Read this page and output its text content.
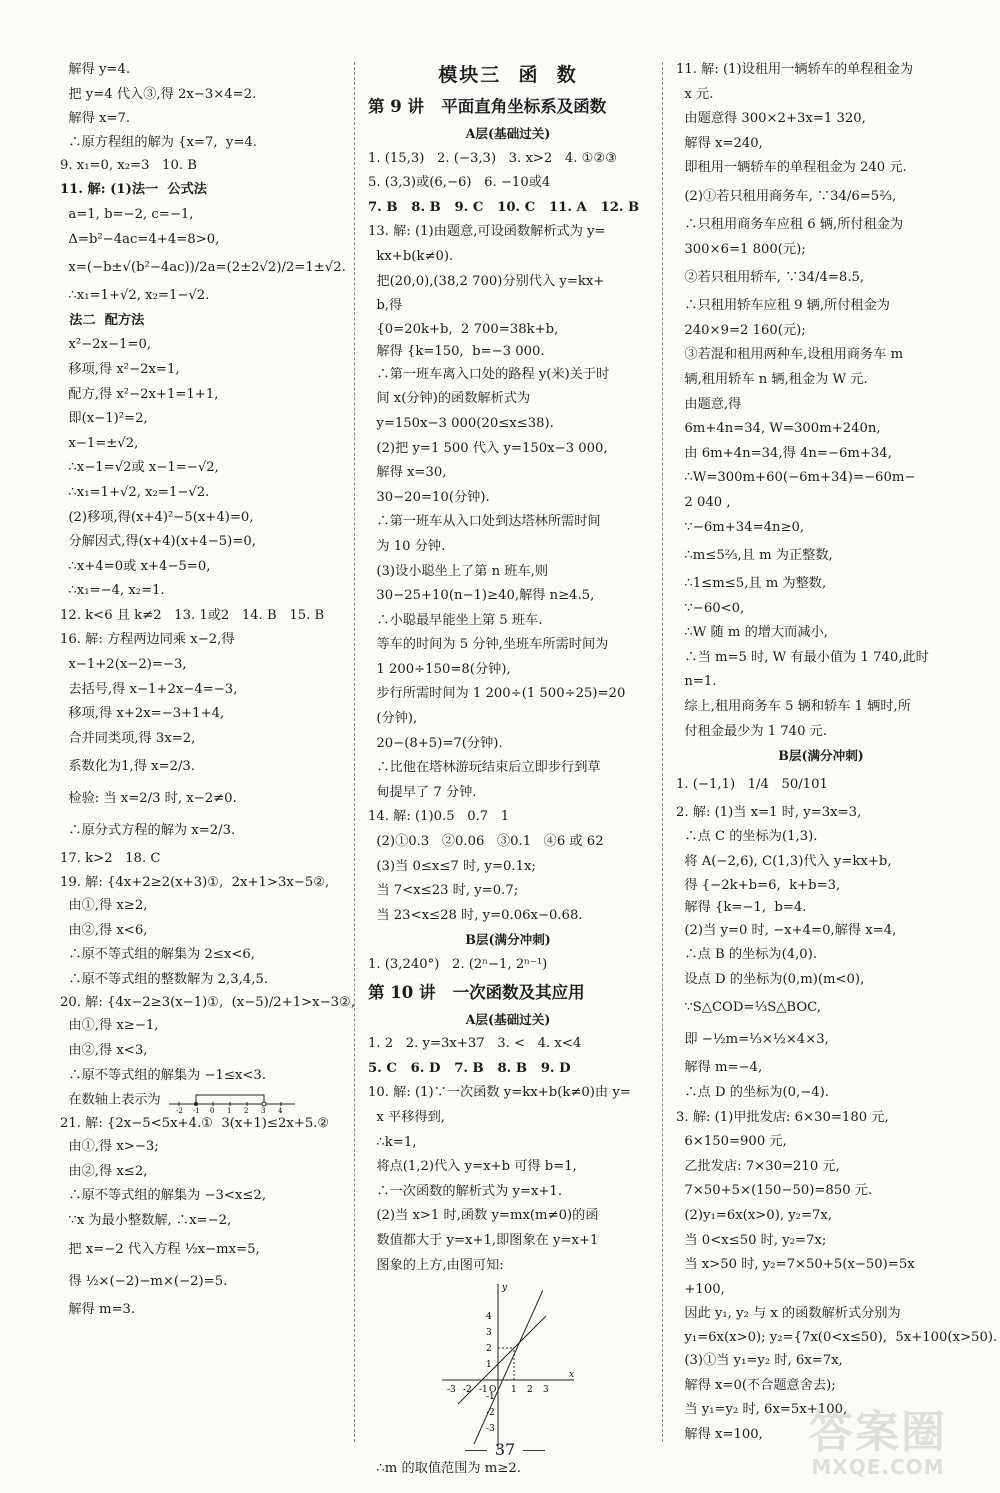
解得 y=4.
把 y=4 代入③,得 2x−3×4=2.
解得 x=7.
∴原方程组的解为 {x=7,  y=4.
9. x₁=0, x₂=3   10. B
11. 解: (1)法一  公式法
a=1, b=−2, c=−1,
Δ=b²−4ac=4+4=8>0,
x=(−b±√(b²−4ac))/2a=(2±2√2)/2=1±√2.
∴x₁=1+√2, x₂=1−√2.
法二  配方法
x²−2x−1=0,
移项,得 x²−2x=1,
配方,得 x²−2x+1=1+1,
即(x−1)²=2,
x−1=±√2,
∴x−1=√2或 x−1=−√2,
∴x₁=1+√2, x₂=1−√2.
(2)移项,得(x+4)²−5(x+4)=0,
分解因式,得(x+4)(x+4−5)=0,
∴x+4=0或 x+4−5=0,
∴x₁=−4, x₂=1.
12. k<6 且 k≠2   13. 1或2   14. B   15. B
16. 解: 方程两边同乘 x−2,得
x−1+2(x−2)=−3,
去括号,得 x−1+2x−4=−3,
移项,得 x+2x=−3+1+4,
合并同类项,得 3x=2,
系数化为1,得 x=2/3.
检验: 当 x=2/3 时, x−2≠0.
∴原分式方程的解为 x=2/3.
17. k>2   18. C
19. 解: {4x+2≥2(x+3)①,  2x+1>3x−5②,
由①,得 x≥2,
由②,得 x<6,
∴原不等式组的解集为 2≤x<6,
∴原不等式组的整数解为 2,3,4,5.
20. 解: {4x−2≥3(x−1)①,  (x−5)/2+1>x−3②,
由①,得 x≥−1,
由②,得 x<3,
∴原不等式组的解集为 −1≤x<3.
在数轴上表示为
-2 -1 0 1 2 3 4
21. 解: {2x−5<5x+4.①  3(x+1)≤2x+5.②
由①,得 x>−3;
由②,得 x≤2,
∴原不等式组的解集为 −3<x≤2,
∵x 为最小整数解, ∴x=−2,
把 x=−2 代入方程 ½x−mx=5,
得 ½×(−2)−m×(−2)=5.
解得 m=3.
模块三  函  数
第 9 讲   平面直角坐标系及函数
A层(基础过关)
1. (15,3)   2. (−3,3)   3. x>2   4. ①②③
5. (3,3)或(6,−6)   6. −10或4
7. B   8. B   9. C   10. C   11. A   12. B
13. 解: (1)由题意,可设函数解析式为 y=
kx+b(k≠0).
把(20,0),(38,2 700)分别代入 y=kx+
b,得
{0=20k+b,  2 700=38k+b,
解得 {k=150,  b=−3 000.
∴第一班车离入口处的路程 y(米)关于时
间 x(分钟)的函数解析式为
y=150x−3 000(20≤x≤38).
(2)把 y=1 500 代入 y=150x−3 000,
解得 x=30,
30−20=10(分钟).
∴第一班车从入口处到达塔林所需时间
为 10 分钟.
(3)设小聪坐上了第 n 班车,则
30−25+10(n−1)≥40,解得 n≥4.5,
∴小聪最早能坐上第 5 班车.
等车的时间为 5 分钟,坐班车所需时间为
1 200÷150=8(分钟),
步行所需时间为 1 200÷(1 500÷25)=20
(分钟),
20−(8+5)=7(分钟).
∴比他在塔林游玩结束后立即步行到草
甸提早了 7 分钟.
14. 解: (1)0.5   0.7   1
(2)①0.3   ②0.06   ③0.1   ④6 或 62
(3)当 0≤x≤7 时, y=0.1x;
当 7<x≤23 时, y=0.7;
当 23<x≤28 时, y=0.06x−0.68.
B层(满分冲刺)
1. (3,240°)   2. (2ⁿ−1, 2ⁿ⁻¹)
第 10 讲   一次函数及其应用
A层(基础过关)
1. 2   2. y=3x+37   3. <   4. x<4
5. C   6. D   7. B   8. B   9. D
10. 解: (1)∵一次函数 y=kx+b(k≠0)由 y=
x 平移得到,
∴k=1,
将点(1,2)代入 y=x+b 可得 b=1,
∴一次函数的解析式为 y=x+1.
(2)当 x>1 时,函数 y=mx(m≠0)的函
数值都大于 y=x+1,即图象在 y=x+1
图象的上方,由图可知:
-3 -2 -1	1 2 3
4
3
2
1
-1
-2
-3
O
x
y
∴m 的取值范围为 m≥2.
11. 解: (1)设租用一辆轿车的单程租金为
x 元.
由题意得 300×2+3x=1 320,
解得 x=240,
即租用一辆轿车的单程租金为 240 元.
(2)①若只租用商务车, ∵34/6=5⅔,
∴只租用商务车应租 6 辆,所付租金为
300×6=1 800(元);
②若只租用轿车, ∵34/4=8.5,
∴只租用轿车应租 9 辆,所付租金为
240×9=2 160(元);
③若混和租用两种车,设租用商务车 m
辆,租用轿车 n 辆,租金为 W 元.
由题意,得
6m+4n=34, W=300m+240n,
由 6m+4n=34,得 4n=−6m+34,
∴W=300m+60(−6m+34)=−60m−
2 040 ,
∵−6m+34=4n≥0,
∴m≤5⅔,且 m 为正整数,
∴1≤m≤5,且 m 为整数,
∵−60<0,
∴W 随 m 的增大而减小,
∴当 m=5 时, W 有最小值为 1 740,此时
n=1.
综上,租用商务车 5 辆和轿车 1 辆时,所
付租金最少为 1 740 元.
B层(满分冲刺)
1. (−1,1)   1/4   50/101
2. 解: (1)当 x=1 时, y=3x=3,
∴点 C 的坐标为(1,3).
将 A(−2,6), C(1,3)代入 y=kx+b,
得 {−2k+b=6,  k+b=3,
解得 {k=−1,  b=4.
(2)当 y=0 时, −x+4=0,解得 x=4,
∴点 B 的坐标为(4,0).
设点 D 的坐标为(0,m)(m<0),
∵S△COD=⅓S△BOC,
即 −½m=⅓×½×4×3,
解得 m=−4,
∴点 D 的坐标为(0,−4).
3. 解: (1)甲批发店: 6×30=180 元,
6×150=900 元,
乙批发店: 7×30=210 元,
7×50+5×(150−50)=850 元.
(2)y₁=6x(x>0), y₂=7x,
当 0<x≤50 时, y₂=7x;
当 x>50 时, y₂=7×50+5(x−50)=5x
+100,
因此 y₁, y₂ 与 x 的函数解析式分别为
y₁=6x(x>0); y₂={7x(0<x≤50),  5x+100(x>50).
(3)①当 y₁=y₂ 时, 6x=7x,
解得 x=0(不合题意舍去);
当 y₁=y₂ 时, 6x=5x+100,
解得 x=100,
37	答案圈
MXQE.COM
